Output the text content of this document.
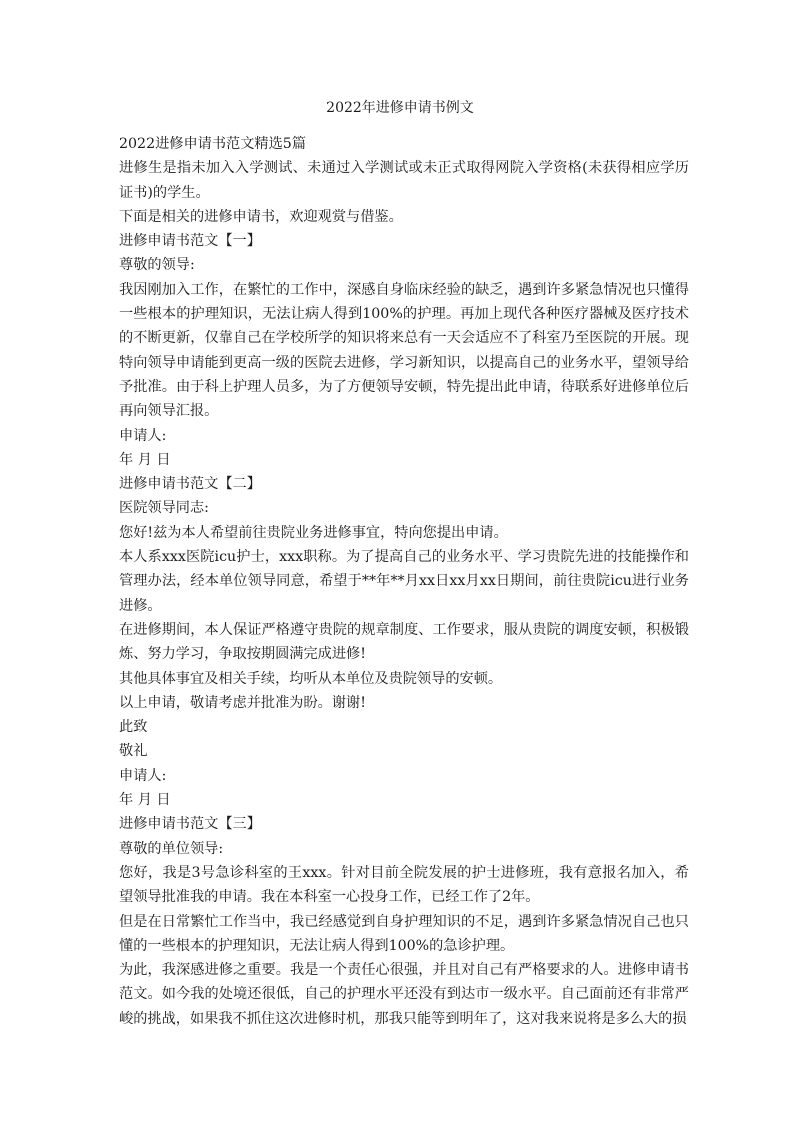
2022年进修申请书例文

2022进修申请书范文精选5篇

进修生是指未加入入学测试、未通过入学测试或未正式取得网院入学资格(未获得相应学历证书)的学生。

下面是相关的进修申请书，欢迎观赏与借鉴。

进修申请书范文【一】

尊敬的领导:

我因刚加入工作，在繁忙的工作中，深感自身临床经验的缺乏，遇到许多紧急情况也只懂得一些根本的护理知识，无法让病人得到100%的护理。再加上现代各种医疗器械及医疗技术的不断更新，仅靠自己在学校所学的知识将来总有一天会适应不了科室乃至医院的开展。现特向领导申请能到更高一级的医院去进修，学习新知识，以提高自己的业务水平，望领导给予批准。由于科上护理人员多，为了方便领导安顿，特先提出此申请，待联系好进修单位后再向领导汇报。

申请人:

年 月 日

进修申请书范文【二】

医院领导同志:

您好!兹为本人希望前往贵院业务进修事宜，特向您提出申请。

本人系xxx医院icu护士，xxx职称。为了提高自己的业务水平、学习贵院先进的技能操作和管理办法，经本单位领导同意，希望于**年**月xx日xx月xx日期间，前往贵院icu进行业务进修。

在进修期间，本人保证严格遵守贵院的规章制度、工作要求，服从贵院的调度安顿，积极锻炼、努力学习，争取按期圆满完成进修!

其他具体事宜及相关手续，均听从本单位及贵院领导的安顿。

以上申请，敬请考虑并批准为盼。谢谢!

此致

敬礼

申请人:

年 月 日

进修申请书范文【三】

尊敬的单位领导:

您好，我是3号急诊科室的王xxx。针对目前全院发展的护士进修班，我有意报名加入，希望领导批准我的申请。我在本科室一心投身工作，已经工作了2年。

但是在日常繁忙工作当中，我已经感觉到自身护理知识的不足，遇到许多紧急情况自己也只懂的一些根本的护理知识，无法让病人得到100%的急诊护理。

为此，我深感进修之重要。我是一个责任心很强，并且对自己有严格要求的人。进修申请书范文。如今我的处境还很低，自己的护理水平还没有到达市一级水平。自己面前还有非常严峻的挑战，如果我不抓住这次进修时机，那我只能等到明年了，这对我来说将是多么大的损
